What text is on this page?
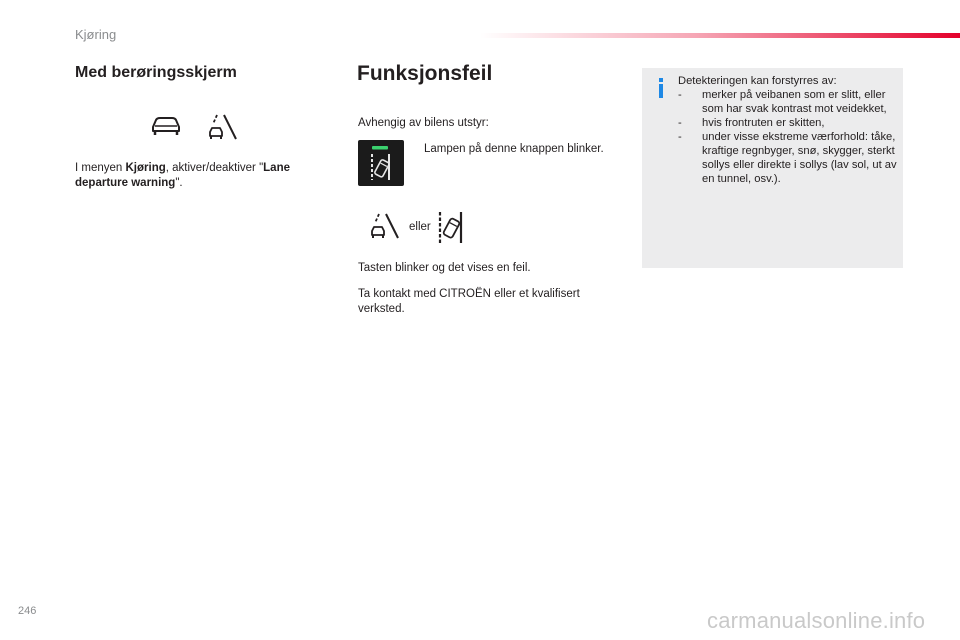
Kjøring
Med berøringsskjerm

I menyen Kjøring, aktiver/deaktiver "Lane departure warning".

Funksjonsfeil

Avhengig av bilens utstyr:

Lampen på denne knappen blinker.

eller

Tasten blinker og det vises en feil.

Ta kontakt med CITROËN eller et kvalifisert verksted.

Detekteringen kan forstyrres av:
- merker på veibanen som er slitt, eller som har svak kontrast mot veidekket,
- hvis frontruten er skitten,
- under visse ekstreme værforhold: tåke, kraftige regnbyger, snø, skygger, sterkt sollys eller direkte i sollys (lav sol, ut av en tunnel, osv.).
246	carmanualsonline.info
